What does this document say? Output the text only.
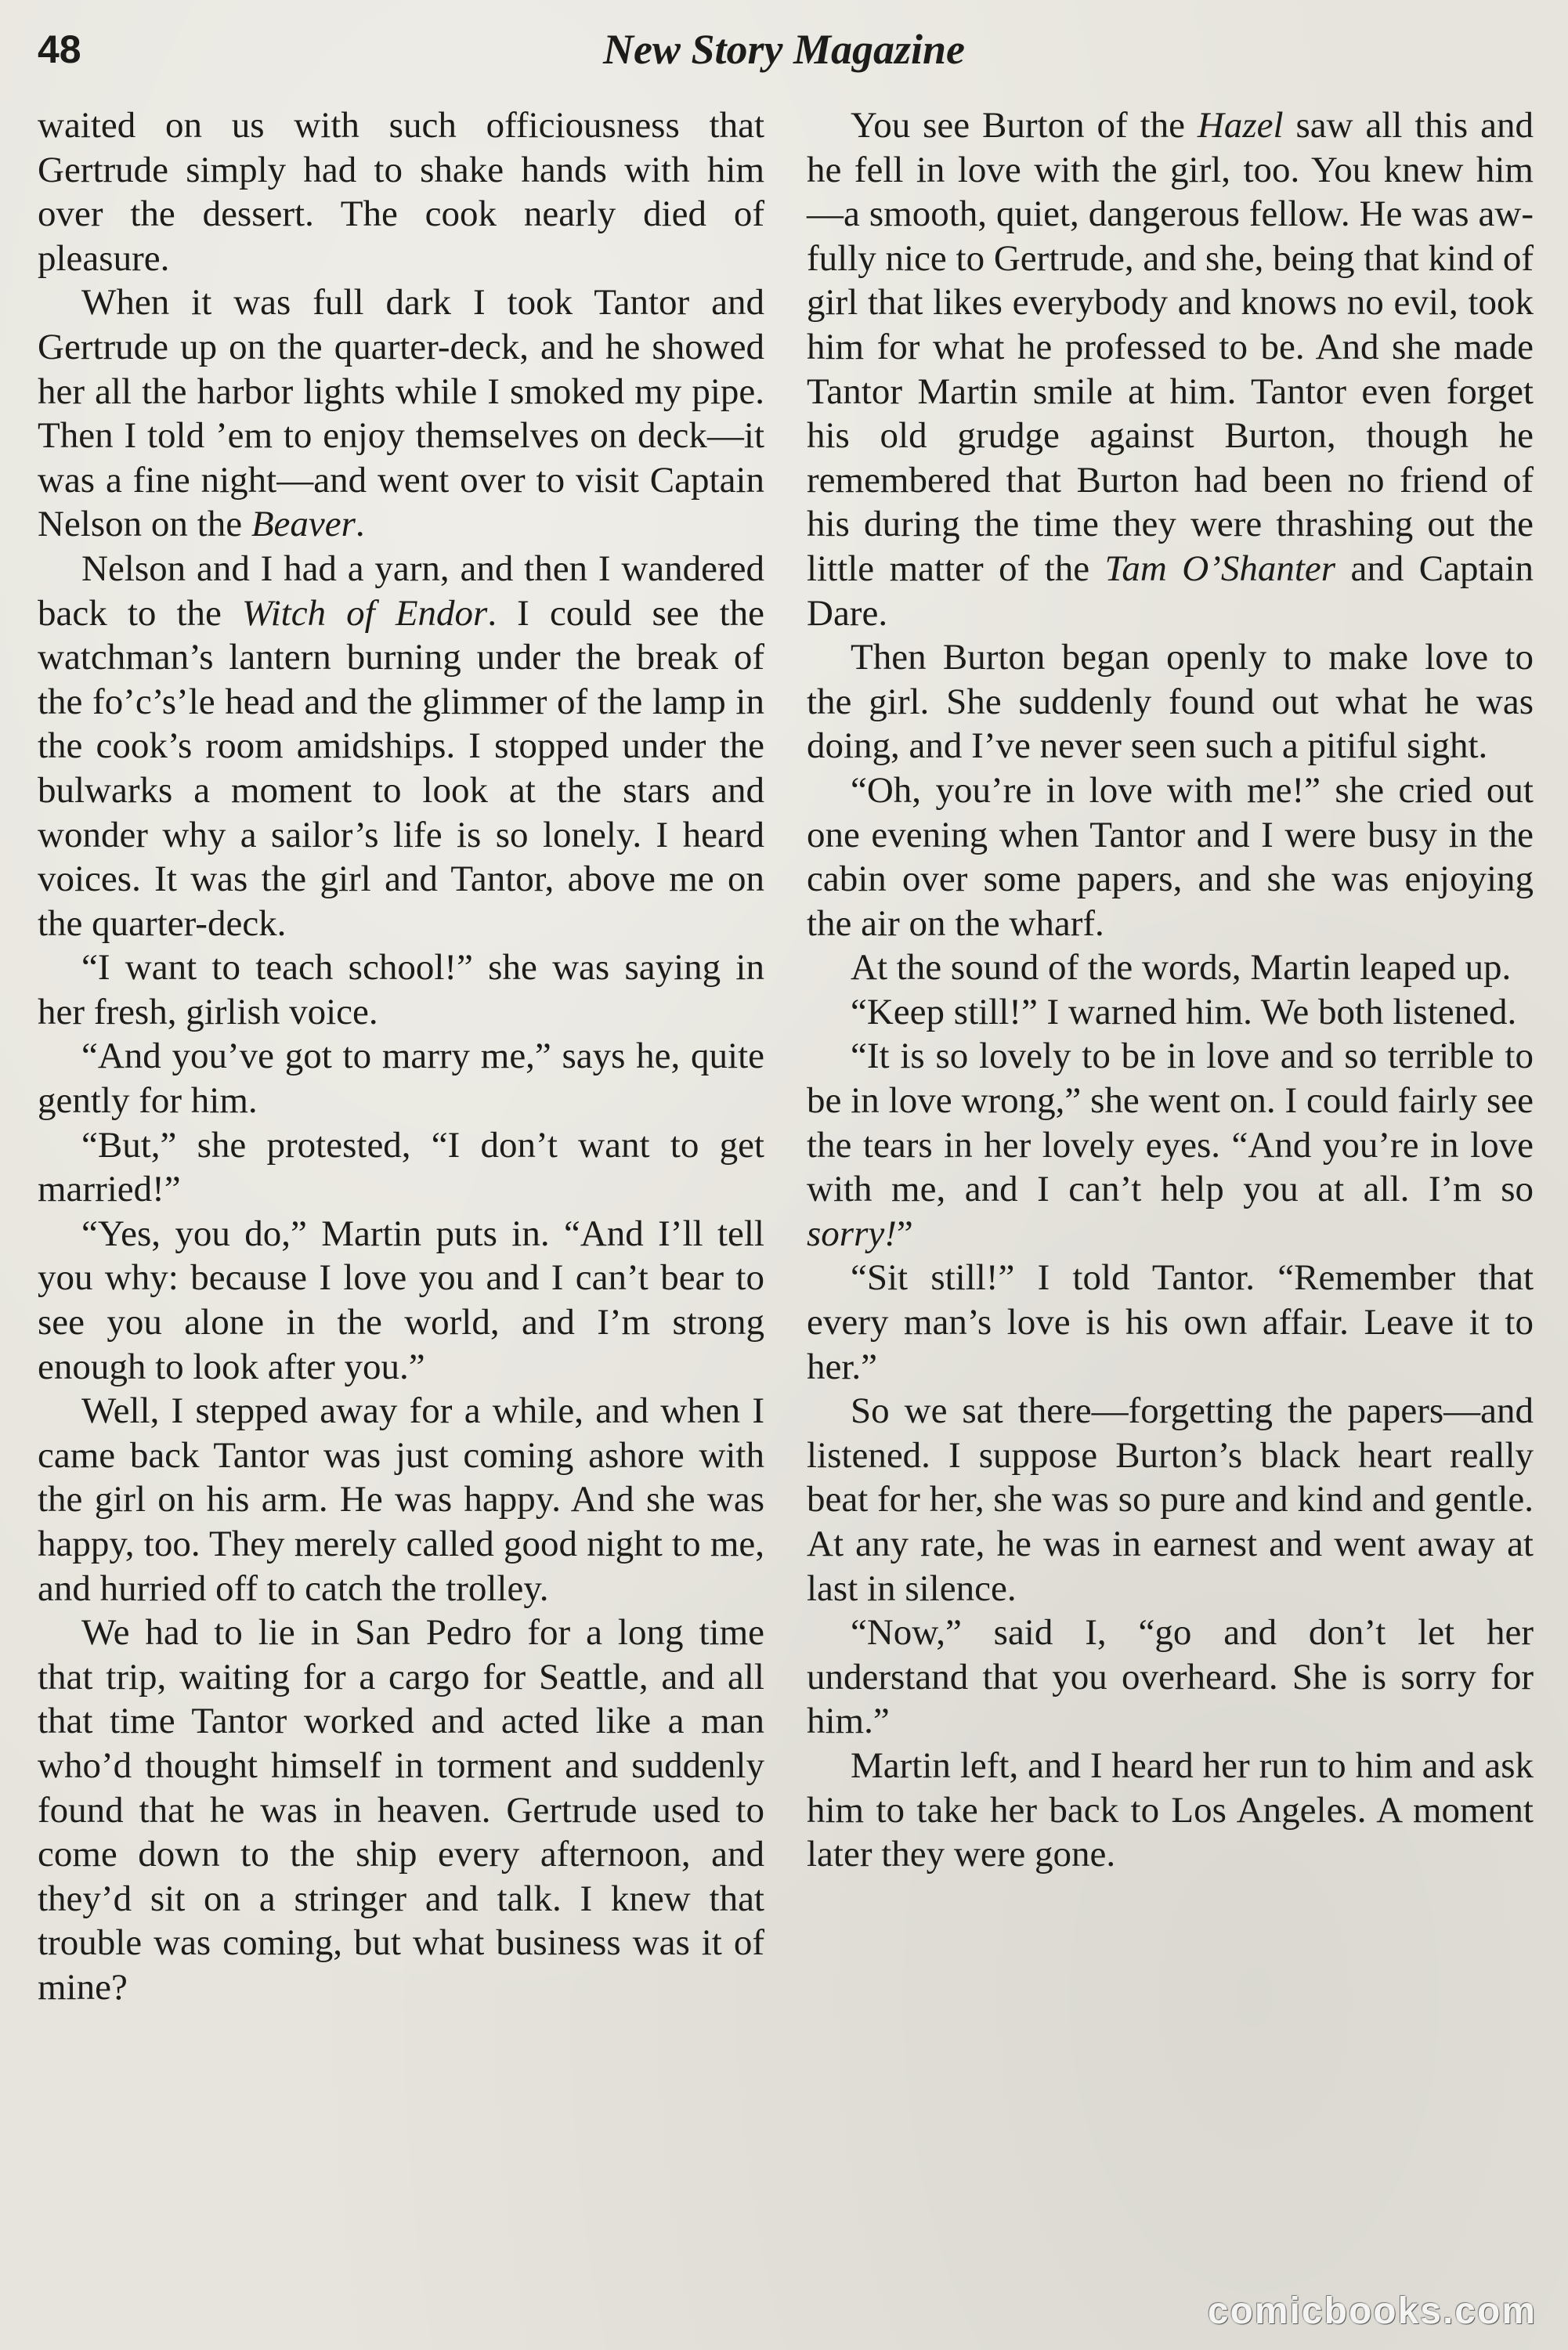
48	New Story Magazine

waited on us with such officiousness that Gertrude simply had to shake hands with him over the dessert. The cook nearly died of pleasure.

When it was full dark I took Tantor and Gertrude up on the quarter-deck, and he showed her all the harbor lights while I smoked my pipe. Then I told ’em to enjoy themselves on deck—it was a fine night—and went over to visit Captain Nelson on the Beaver.

Nelson and I had a yarn, and then I wandered back to the Witch of Endor. I could see the watchman’s lantern burning under the break of the fo’c’s’le head and the glimmer of the lamp in the cook’s room amidships. I stopped under the bulwarks a moment to look at the stars and wonder why a sailor’s life is so lonely. I heard voices. It was the girl and Tantor, above me on the quarter-deck.

“I want to teach school!” she was saying in her fresh, girlish voice.

“And you’ve got to marry me,” says he, quite gently for him.

“But,” she protested, “I don’t want to get married!”

“Yes, you do,” Martin puts in. “And I’ll tell you why: because I love you and I can’t bear to see you alone in the world, and I’m strong enough to look after you.”

Well, I stepped away for a while, and when I came back Tantor was just coming ashore with the girl on his arm. He was happy. And she was happy, too. They merely called good night to me, and hurried off to catch the trolley.

We had to lie in San Pedro for a long time that trip, waiting for a cargo for Seattle, and all that time Tantor worked and acted like a man who’d thought himself in torment and suddenly found that he was in heaven. Gertrude used to come down to the ship every afternoon, and they’d sit on a stringer and talk. I knew that trouble was coming, but what business was it of mine?

You see Burton of the Hazel saw all this and he fell in love with the girl, too. You knew him—a smooth, quiet, dangerous fellow. He was awfully nice to Gertrude, and she, being that kind of girl that likes everybody and knows no evil, took him for what he professed to be. And she made Tantor Martin smile at him. Tantor even forget his old grudge against Burton, though he remembered that Burton had been no friend of his during the time they were thrashing out the little matter of the Tam O’Shanter and Captain Dare.

Then Burton began openly to make love to the girl. She suddenly found out what he was doing, and I’ve never seen such a pitiful sight.

“Oh, you’re in love with me!” she cried out one evening when Tantor and I were busy in the cabin over some papers, and she was enjoying the air on the wharf.

At the sound of the words, Martin leaped up.

“Keep still!” I warned him. We both listened.

“It is so lovely to be in love and so terrible to be in love wrong,” she went on. I could fairly see the tears in her lovely eyes. “And you’re in love with me, and I can’t help you at all. I’m so sorry!”

“Sit still!” I told Tantor. “Remember that every man’s love is his own affair. Leave it to her.”

So we sat there—forgetting the papers—and listened. I suppose Burton’s black heart really beat for her, she was so pure and kind and gentle. At any rate, he was in earnest and went away at last in silence.

“Now,” said I, “go and don’t let her understand that you overheard. She is sorry for him.”

Martin left, and I heard her run to him and ask him to take her back to Los Angeles. A moment later they were gone.

comicbooks.com
